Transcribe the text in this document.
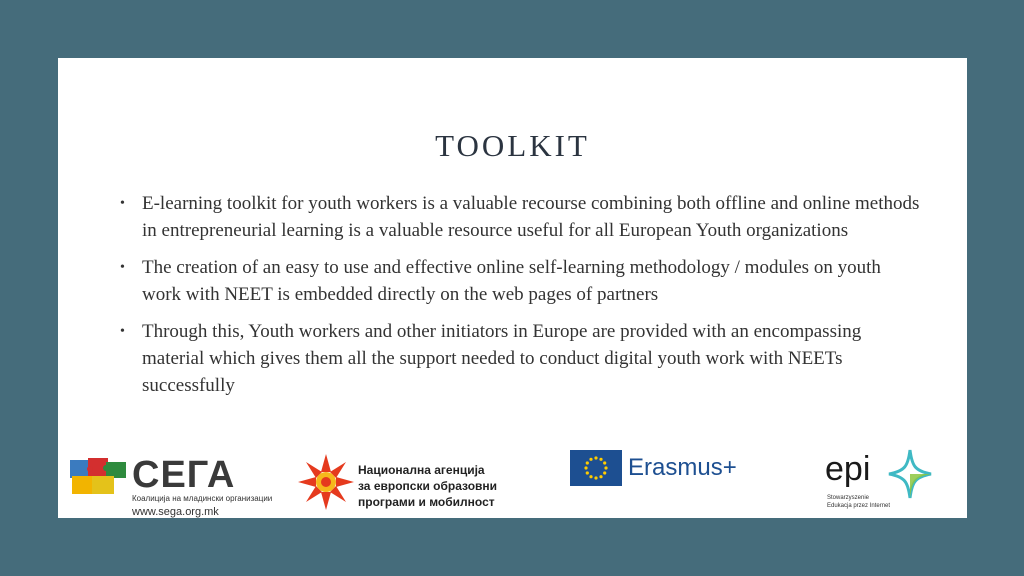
TOOLKIT
• E-learning toolkit for youth workers is a valuable recourse combining both offline and online methods in entrepreneurial learning is a valuable resource useful for all European Youth organizations
• The creation of an easy to use and effective online self-learning methodology / modules on youth work with NEET is embedded directly on the web pages of partners
• Through this, Youth workers and other initiators in Europe are provided with an encompassing material which gives them all the support needed to conduct digital youth work with NEETs successfully
СЕГА
Коалиција на младински организации
www.sega.org.mk
Национална агенција
за европски образовни
програми и мобилност
Erasmus+	epi
Stowarzyszenie
Edukacja przez Internet
